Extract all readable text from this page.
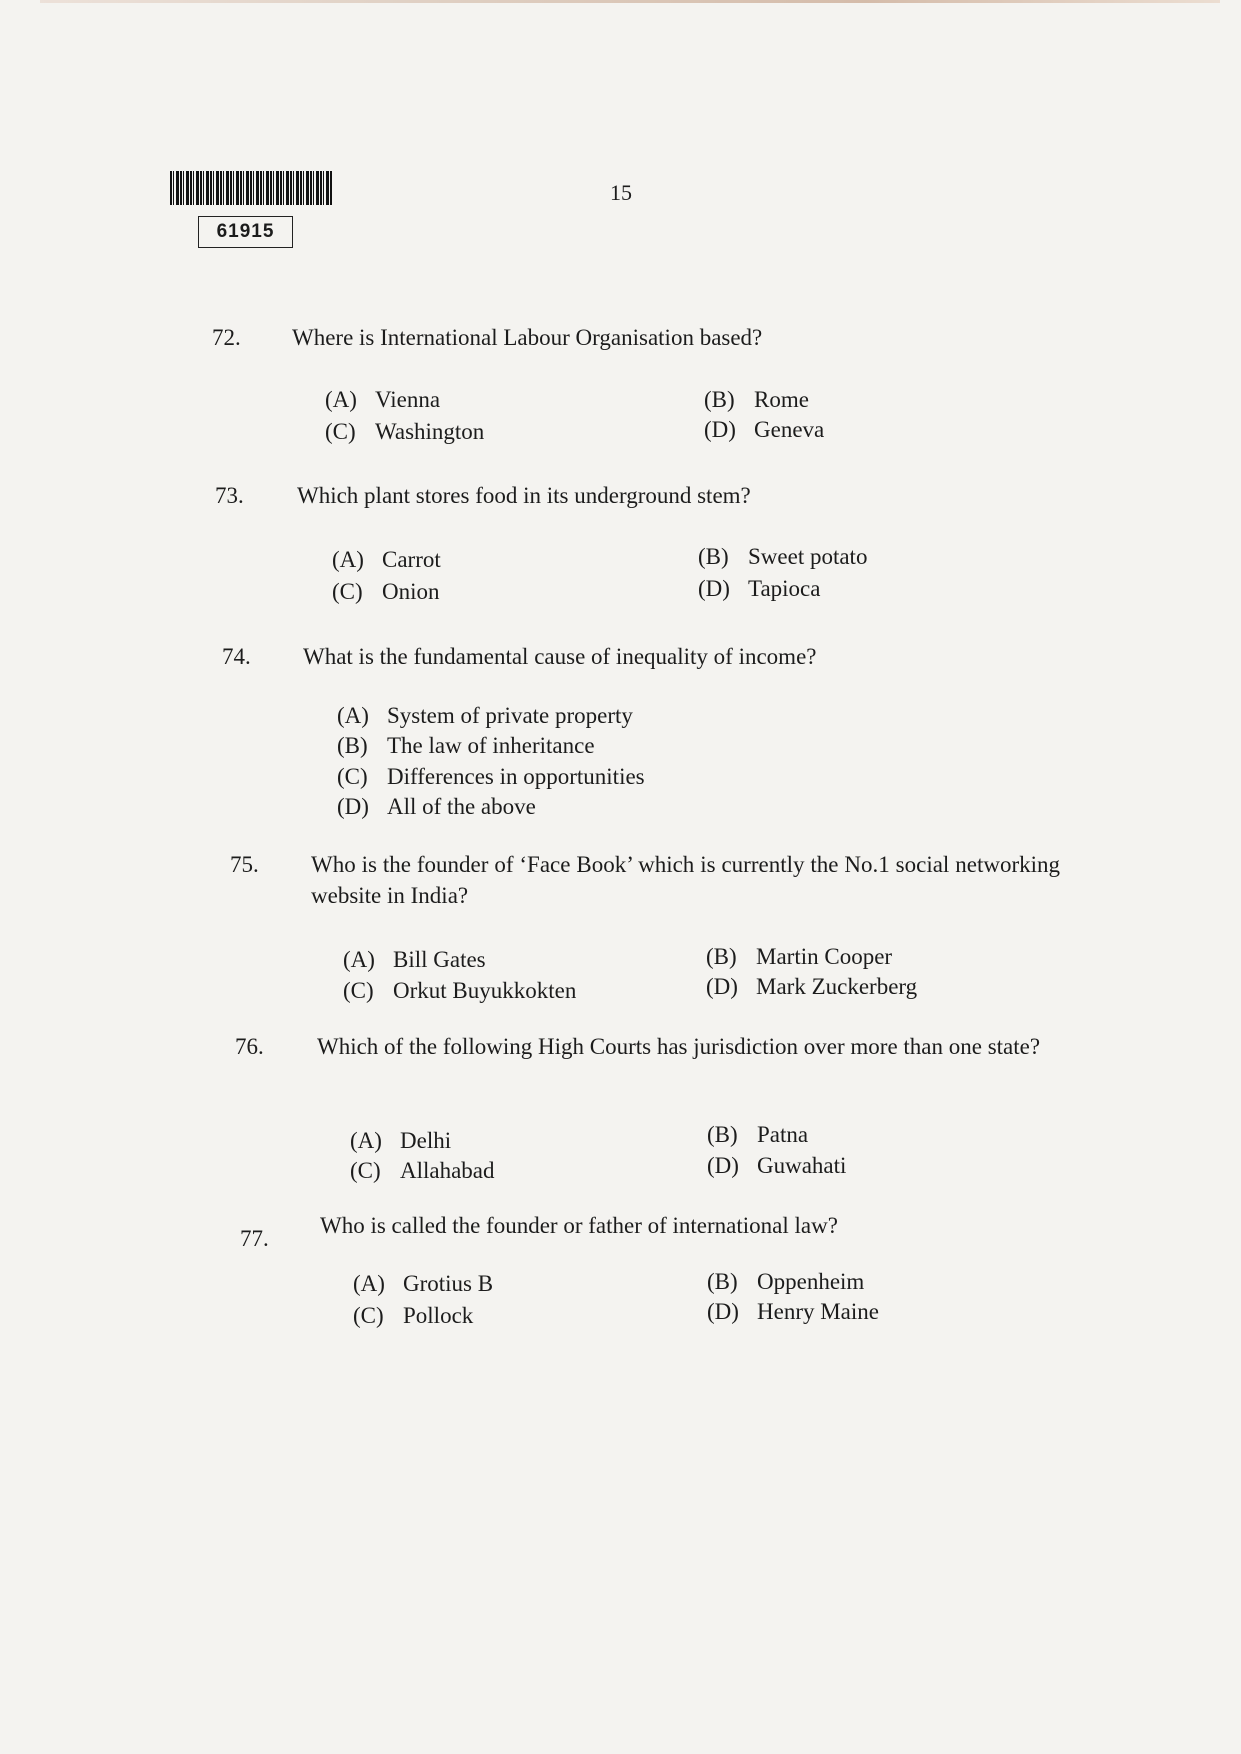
61915
15
72. Where is International Labour Organisation based?
(A) Vienna	(B) Rome
(C) Washington	(D) Geneva
73. Which plant stores food in its underground stem?
(A) Carrot	(B) Sweet potato
(C) Onion	(D) Tapioca
74. What is the fundamental cause of inequality of income?
(A) System of private property
(B) The law of inheritance
(C) Differences in opportunities
(D) All of the above
75. Who is the founder of ‘Face Book’ which is currently the No.1 social networking website in India?
(A) Bill Gates	(B) Martin Cooper
(C) Orkut Buyukkokten	(D) Mark Zuckerberg
76. Which of the following High Courts has jurisdiction over more than one state?
(A) Delhi	(B) Patna
(C) Allahabad	(D) Guwahati
77.
Who is called the founder or father of international law?
(A) Grotius B	(B) Oppenheim
(C) Pollock	(D) Henry Maine
